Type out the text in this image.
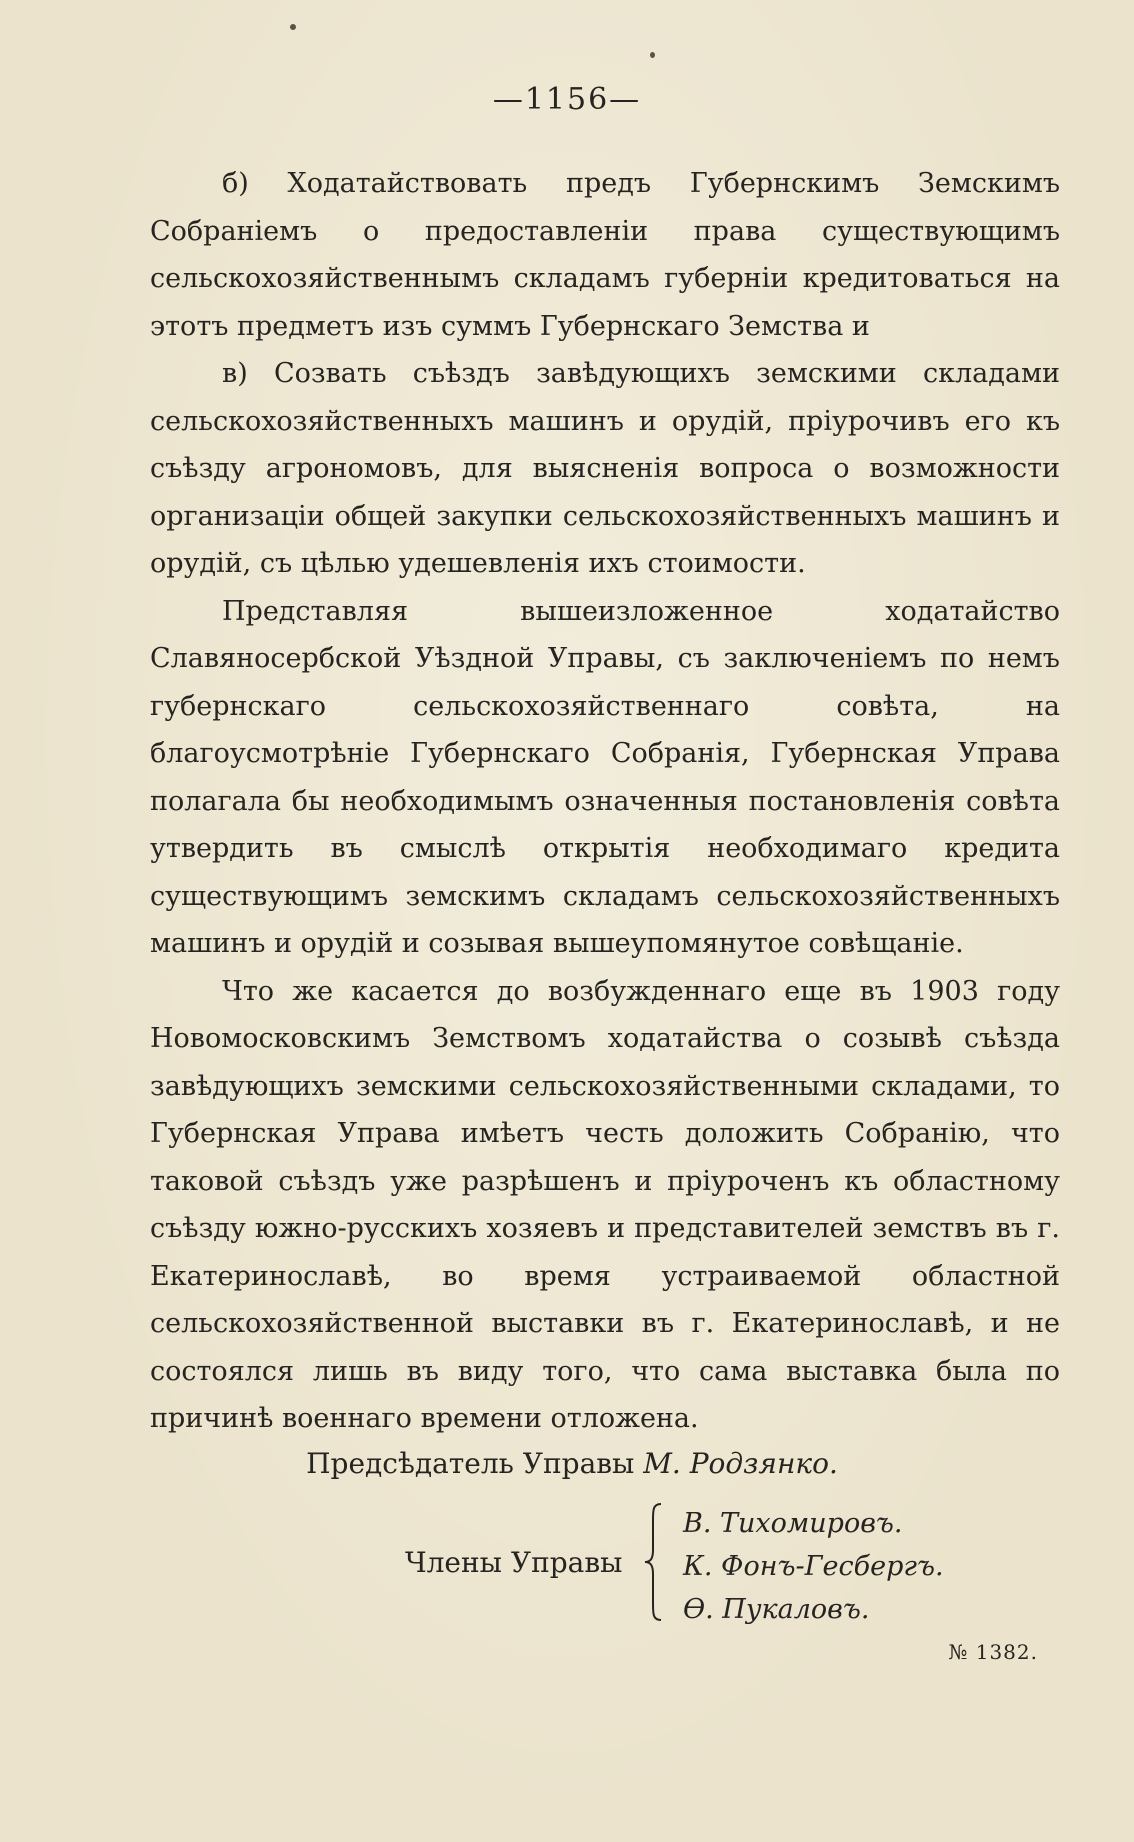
—1156—

б) Ходатайствовать предъ Губернскимъ Земскимъ Собраніемъ о предоставленіи права существующимъ сельскохозяйственнымъ складамъ губерніи кредитоваться на этотъ предметъ изъ суммъ Губернскаго Земства и

в) Созвать съѣздъ завѣдующихъ земскими складами сельскохозяйственныхъ машинъ и орудій, пріурочивъ его къ съѣзду агрономовъ, для выясненія вопроса о возможности организаціи общей закупки сельскохозяйственныхъ машинъ и орудій, съ цѣлью удешевленія ихъ стоимости.

Представляя вышеизложенное ходатайство Славяносербской Уѣздной Управы, съ заключеніемъ по немъ губернскаго сельскохозяйственнаго совѣта, на благоусмотрѣніе Губернскаго Собранія, Губернская Управа полагала бы необходимымъ означенныя постановленія совѣта утвердить въ смыслѣ открытія необходимаго кредита существующимъ земскимъ складамъ сельскохозяйственныхъ машинъ и орудій и созывая вышеупомянутое совѣщаніе.

Что же касается до возбужденнаго еще въ 1903 году Новомосковскимъ Земствомъ ходатайства о созывѣ съѣзда завѣдующихъ земскими сельскохозяйственными складами, то Губернская Управа имѣетъ честь доложить Собранію, что таковой съѣздъ уже разрѣшенъ и пріуроченъ къ областному съѣзду южно-русскихъ хозяевъ и представителей земствъ въ г. Екатеринославѣ, во время устраиваемой областной сельскохозяйственной выставки въ г. Екатеринославѣ, и не состоялся лишь въ виду того, что сама выставка была по причинѣ военнаго времени отложена.

Предсѣдатель Управы М. Родзянко.
Члены Управы
В. Тихомировъ.
К. Фонъ-Гесбергъ.
Ѳ. Пукаловъ.
№ 1382.
